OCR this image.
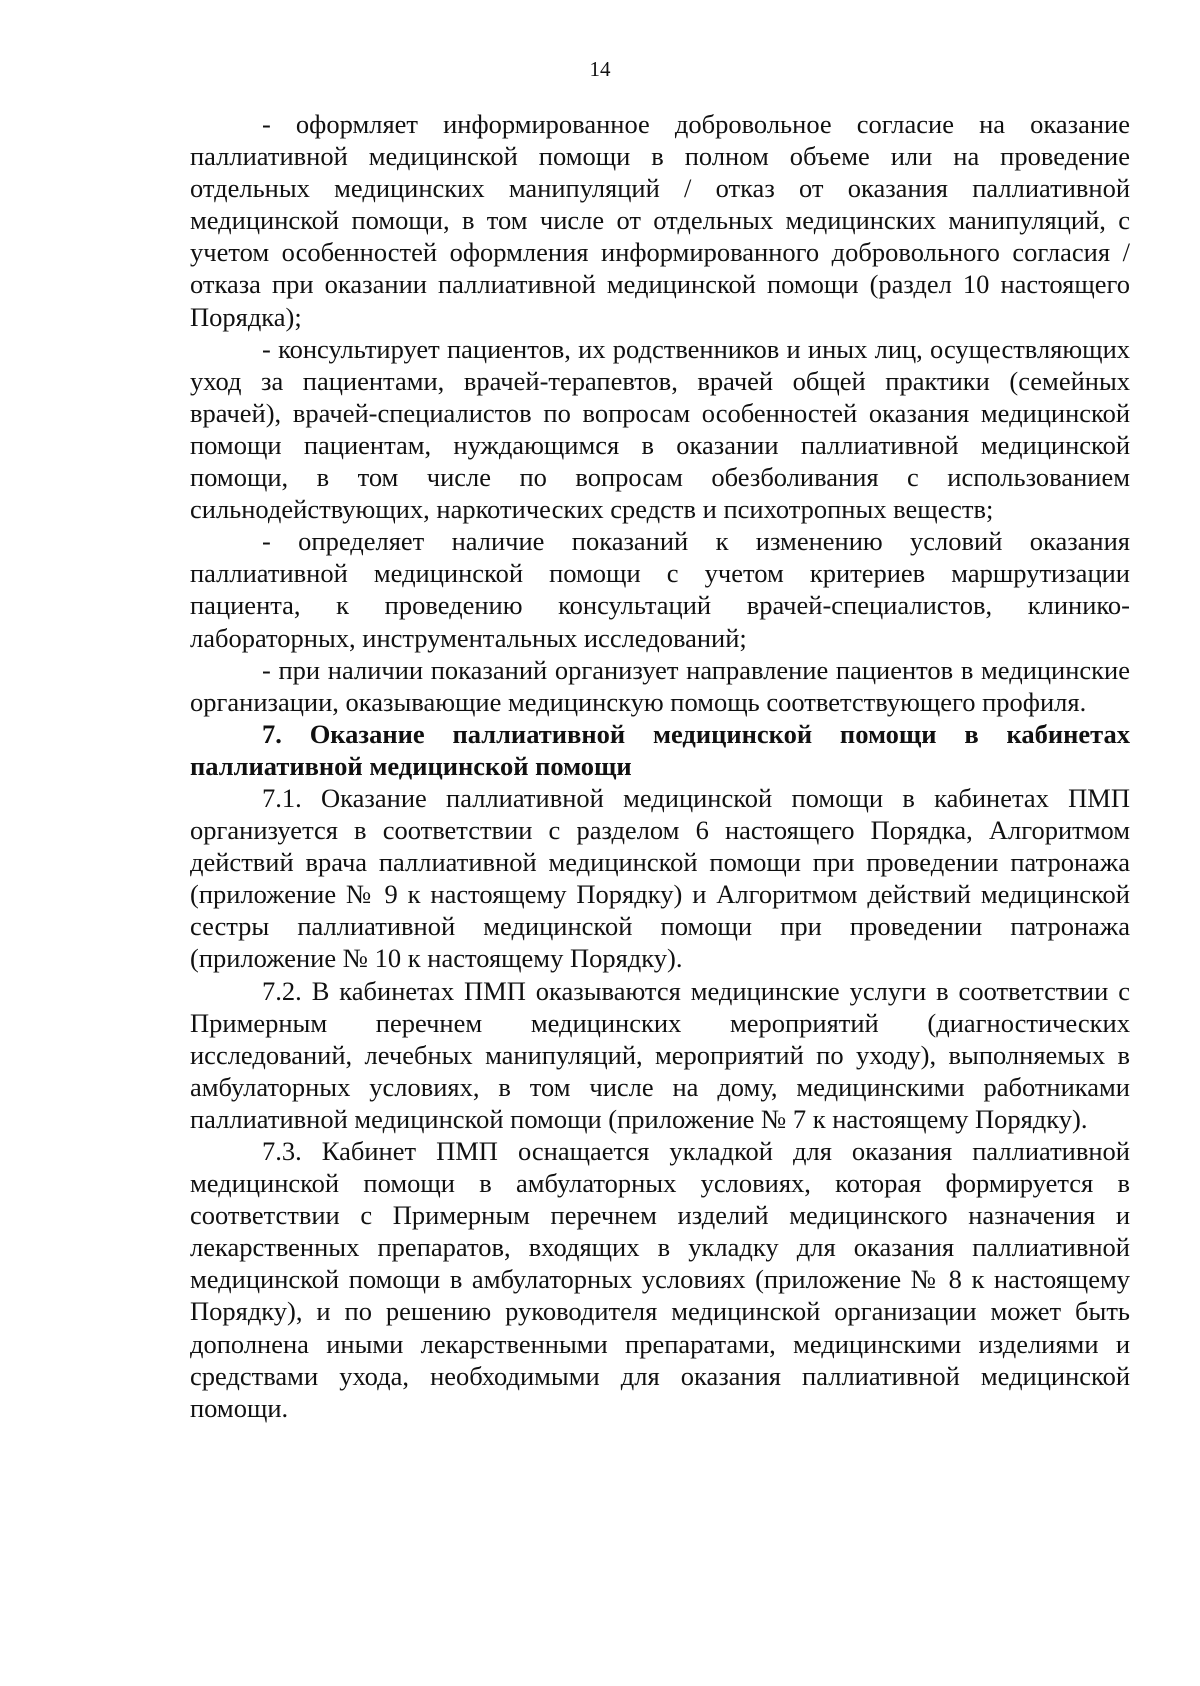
14

- оформляет информированное добровольное согласие на оказание паллиативной медицинской помощи в полном объеме или на проведение отдельных медицинских манипуляций / отказ от оказания паллиативной медицинской помощи, в том числе от отдельных медицинских манипуляций, с учетом особенностей оформления информированного добровольного согласия / отказа при оказании паллиативной медицинской помощи (раздел 10 настоящего Порядка);

- консультирует пациентов, их родственников и иных лиц, осуществляющих уход за пациентами, врачей-терапевтов, врачей общей практики (семейных врачей), врачей-специалистов по вопросам особенностей оказания медицинской помощи пациентам, нуждающимся в оказании паллиативной медицинской помощи, в том числе по вопросам обезболивания с использованием сильнодействующих, наркотических средств и психотропных веществ;

- определяет наличие показаний к изменению условий оказания паллиативной медицинской помощи с учетом критериев маршрутизации пациента, к проведению консультаций врачей-специалистов, клинико-лабораторных, инструментальных исследований;

- при наличии показаний организует направление пациентов в медицинские организации, оказывающие медицинскую помощь соответствующего профиля.

7. Оказание паллиативной медицинской помощи в кабинетах паллиативной медицинской помощи

7.1. Оказание паллиативной медицинской помощи в кабинетах ПМП организуется в соответствии с разделом 6 настоящего Порядка, Алгоритмом действий врача паллиативной медицинской помощи при проведении патронажа (приложение № 9 к настоящему Порядку) и Алгоритмом действий медицинской сестры паллиативной медицинской помощи при проведении патронажа (приложение № 10 к настоящему Порядку).

7.2. В кабинетах ПМП оказываются медицинские услуги в соответствии с Примерным перечнем медицинских мероприятий (диагностических исследований, лечебных манипуляций, мероприятий по уходу), выполняемых в амбулаторных условиях, в том числе на дому, медицинскими работниками паллиативной медицинской помощи (приложение № 7 к настоящему Порядку).

7.3. Кабинет ПМП оснащается укладкой для оказания паллиативной медицинской помощи в амбулаторных условиях, которая формируется в соответствии с Примерным перечнем изделий медицинского назначения и лекарственных препаратов, входящих в укладку для оказания паллиативной медицинской помощи в амбулаторных условиях (приложение № 8 к настоящему Порядку), и по решению руководителя медицинской организации может быть дополнена иными лекарственными препаратами, медицинскими изделиями и средствами ухода, необходимыми для оказания паллиативной медицинской помощи.
